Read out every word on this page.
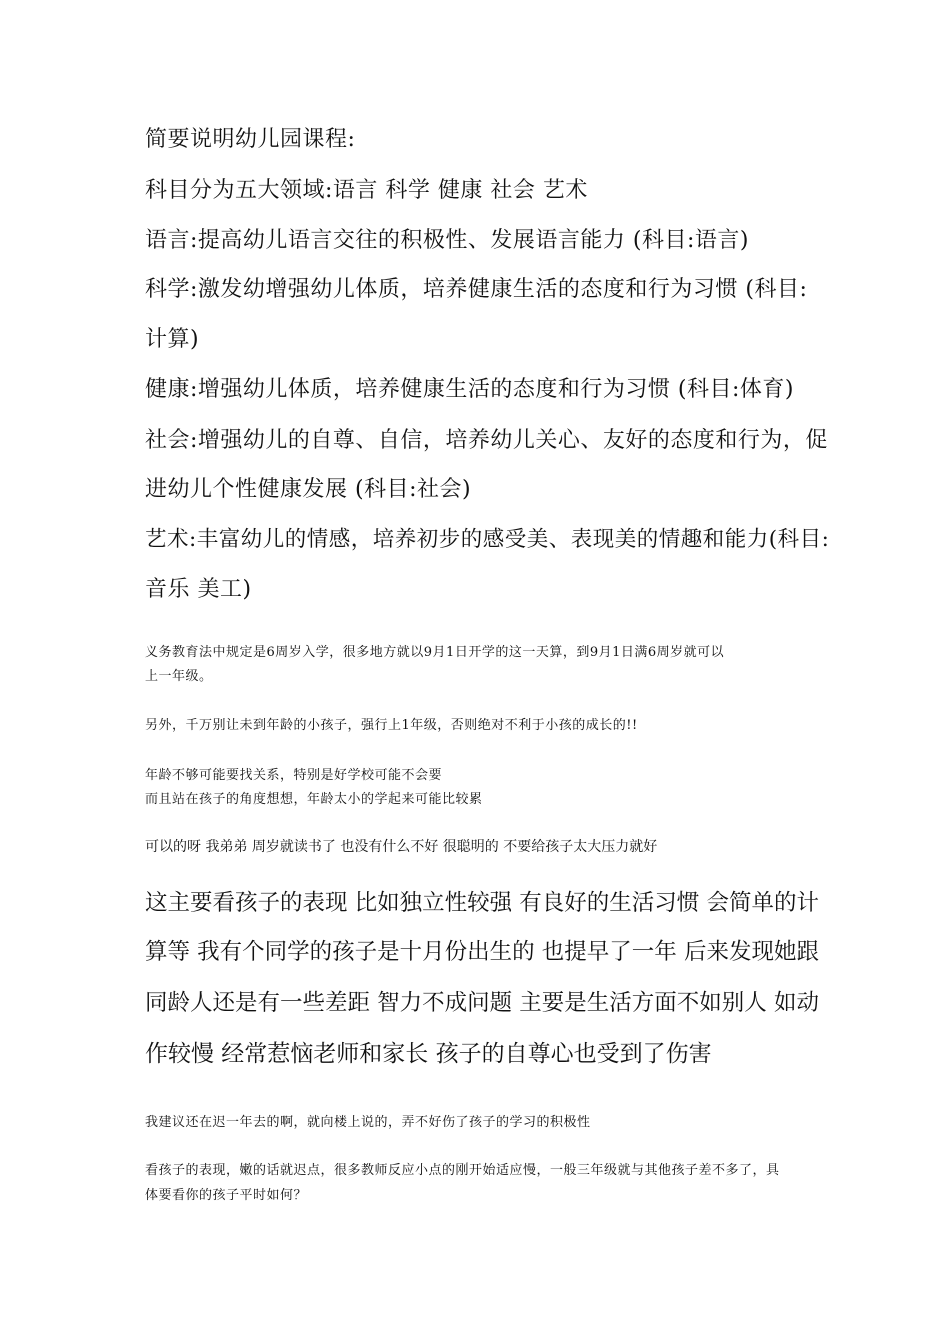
简要说明幼儿园课程:
科目分为五大领域:语言 科学 健康 社会 艺术
语言:提高幼儿语言交往的积极性、发展语言能力 (科目:语言)
科学:激发幼增强幼儿体质，培养健康生活的态度和行为习惯 (科目:
计算)
健康:增强幼儿体质，培养健康生活的态度和行为习惯 (科目:体育)
社会:增强幼儿的自尊、自信，培养幼儿关心、友好的态度和行为，促
进幼儿个性健康发展 (科目:社会)
艺术:丰富幼儿的情感，培养初步的感受美、表现美的情趣和能力(科目:
音乐 美工)
义务教育法中规定是6周岁入学，很多地方就以9月1日开学的这一天算，到9月1日满6周岁就可以
上一年级。
另外，千万别让未到年龄的小孩子，强行上1年级，否则绝对不利于小孩的成长的!!
年龄不够可能要找关系，特别是好学校可能不会要
而且站在孩子的角度想想，年龄太小的学起来可能比较累
可以的呀 我弟弟 周岁就读书了 也没有什么不好 很聪明的 不要给孩子太大压力就好
这主要看孩子的表现 比如独立性较强 有良好的生活习惯 会简单的计
算等 我有个同学的孩子是十月份出生的 也提早了一年 后来发现她跟
同龄人还是有一些差距 智力不成问题 主要是生活方面不如别人 如动
作较慢 经常惹恼老师和家长 孩子的自尊心也受到了伤害
我建议还在迟一年去的啊，就向楼上说的，弄不好伤了孩子的学习的积极性
看孩子的表现，嫩的话就迟点，很多教师反应小点的刚开始适应慢，一般三年级就与其他孩子差不多了，具
体要看你的孩子平时如何？
